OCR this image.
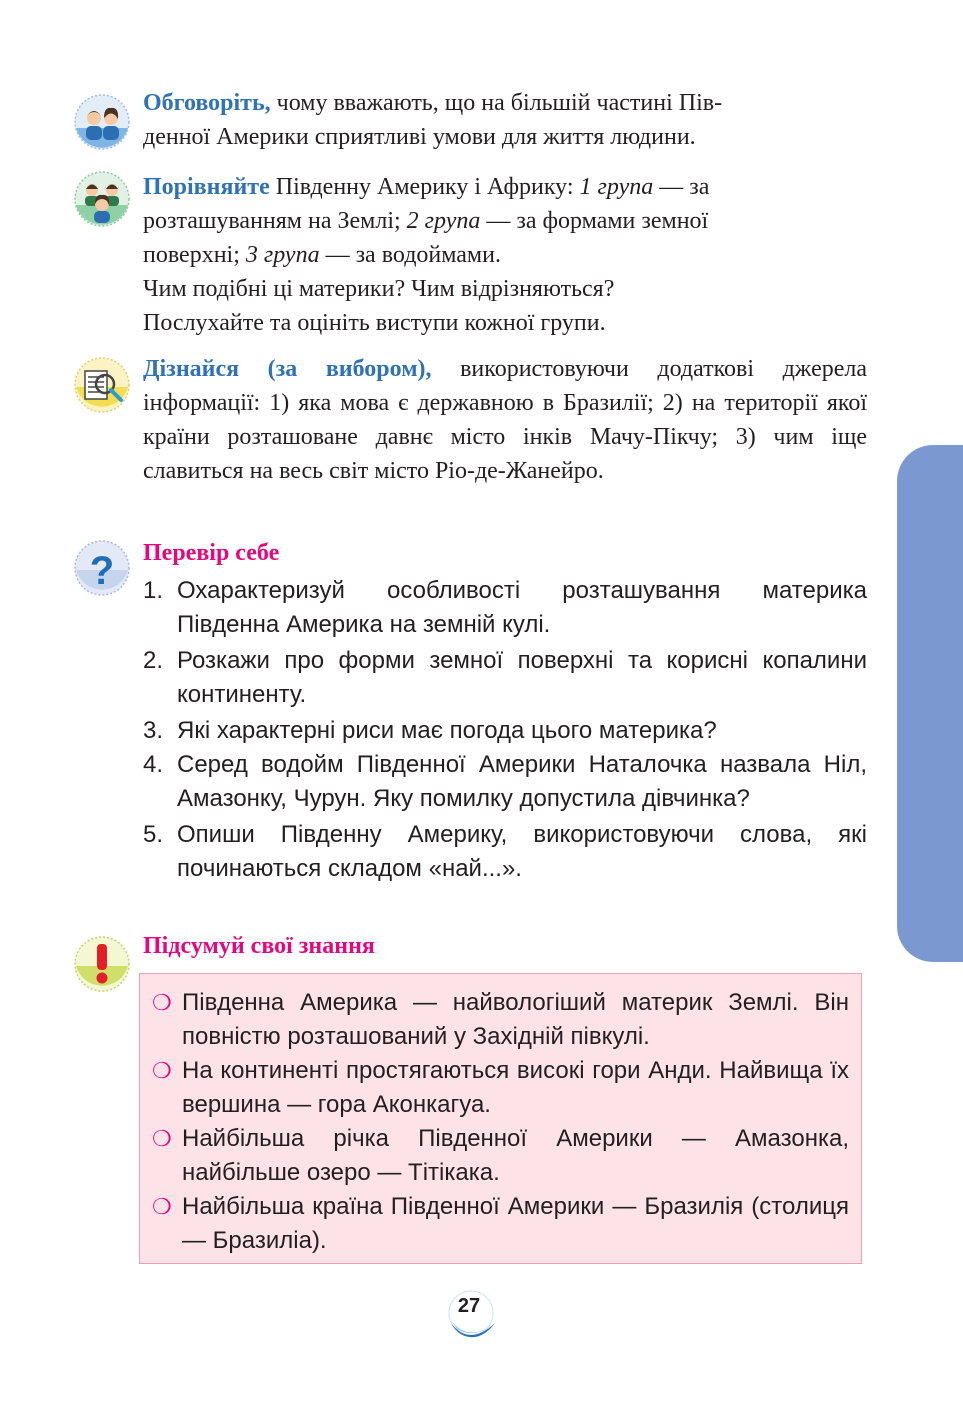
Обговоріть, чому вважають, що на більшій частині Пів-
денної Америки сприятливі умови для життя людини.
Порівняйте Південну Америку і Африку: 1 група — за
розташуванням на Землі; 2 група — за формами земної
поверхні; 3 група — за водоймами.
Чим подібні ці материки? Чим відрізняються?
Послухайте та оцініть виступи кожної групи.
Дізнайся (за вибором), використовуючи додаткові джерела інформації: 1) яка мова є державною в Бразилії; 2) на території якої країни розташоване давнє місто інків Мачу-Пікчу; 3) чим іще славиться на весь світ місто Ріо-де-Жанейро.
? Перевір себе
1. Охарактеризуй особливості розташування материка Південна Америка на земній кулі.
2. Розкажи про форми земної поверхні та корисні копалини континенту.
3. Які характерні риси має погода цього материка?
4. Серед водойм Південної Америки Наталочка назвала Ніл, Амазонку, Чурун. Яку помилку допустила дівчинка?
5. Опиши Південну Америку, використовуючи слова, які починаються складом «най...».
Підсумуй свої знання
❍ Південна Америка — найвологіший материк Землі. Він повністю розташований у Західній півкулі.
❍ На континенті простягаються високі гори Анди. Найвища їх вершина — гора Аконкагуа.
❍ Найбільша річка Південної Америки — Амазонка, найбільше озеро — Тітікака.
❍ Найбільша країна Південної Америки — Бразилія (столиця — Бразиліа).
27
